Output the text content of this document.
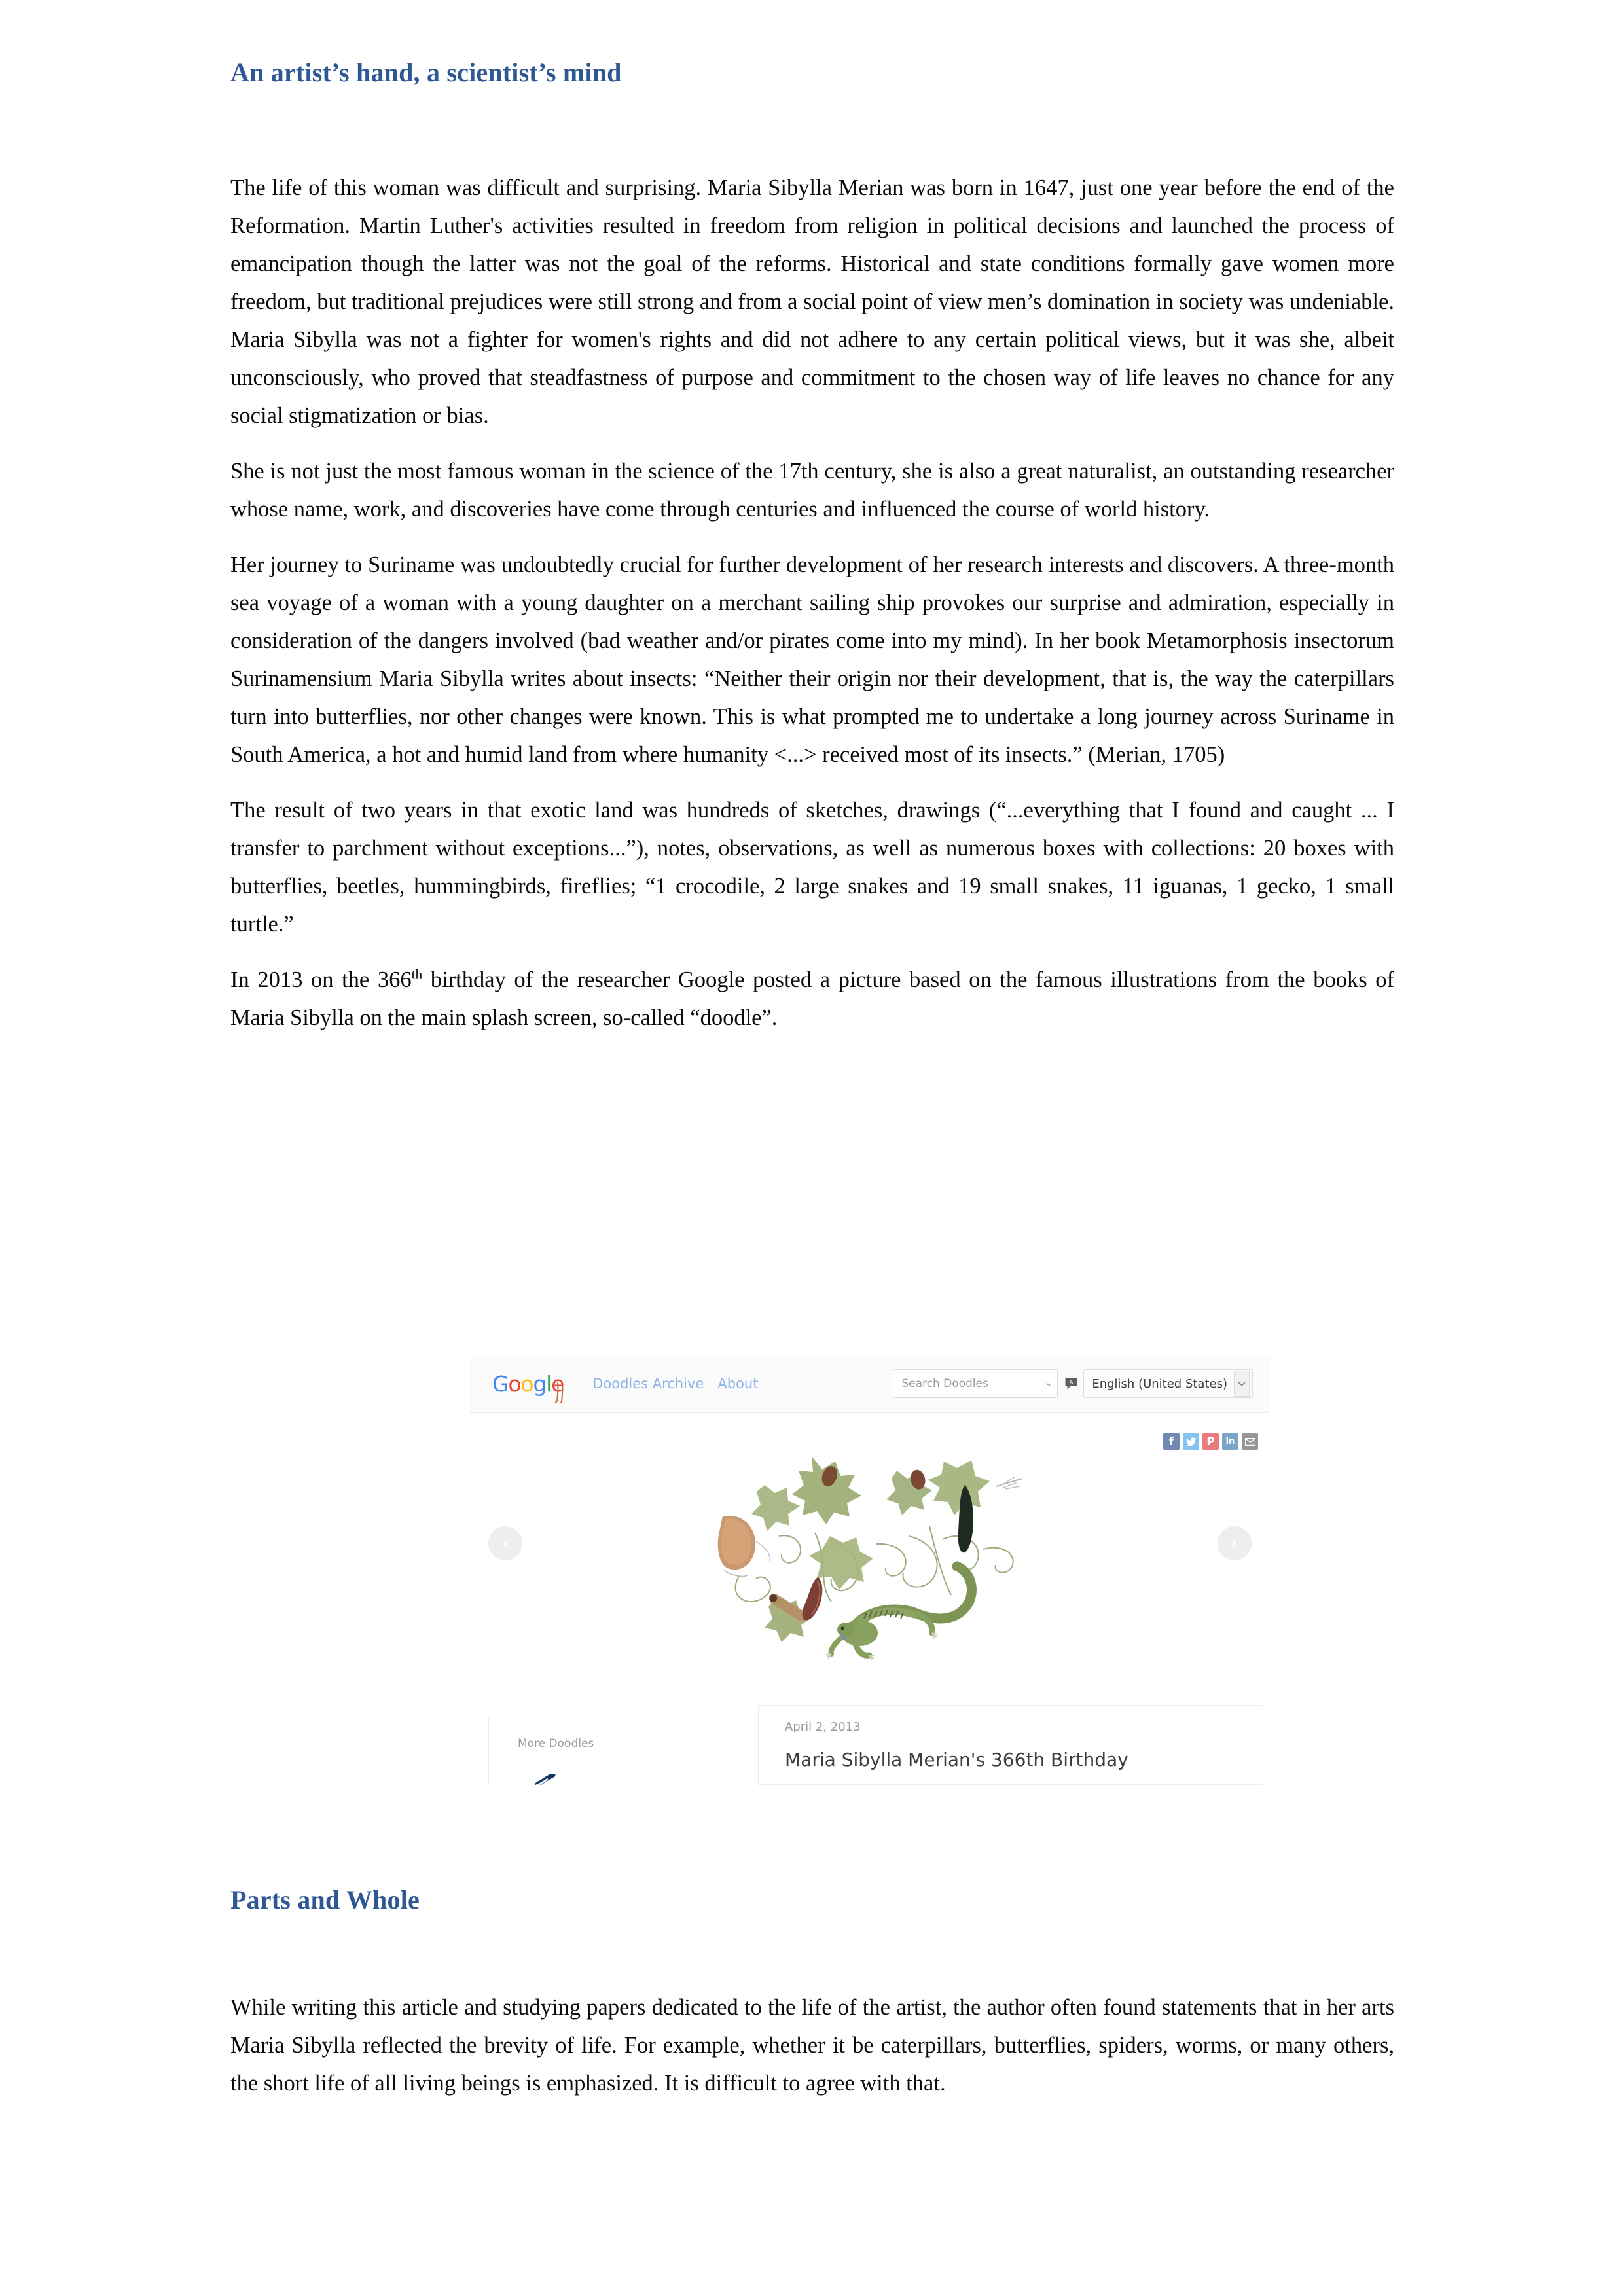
An artist’s hand, a scientist’s mind

The life of this woman was difficult and surprising. Maria Sibylla Merian was born in 1647, just one year before the end of the Reformation. Martin Luther's activities resulted in freedom from religion in political decisions and launched the process of emancipation though the latter was not the goal of the reforms. Historical and state conditions formally gave women more freedom, but traditional prejudices were still strong and from a social point of view men’s domination in society was undeniable. Maria Sibylla was not a fighter for women's rights and did not adhere to any certain political views, but it was she, albeit unconsciously, who proved that steadfastness of purpose and commitment to the chosen way of life leaves no chance for any social stigmatization or bias.

She is not just the most famous woman in the science of the 17th century, she is also a great naturalist, an outstanding researcher whose name, work, and discoveries have come through centuries and influenced the course of world history.

Her journey to Suriname was undoubtedly crucial for further development of her research interests and discovers. A three-month sea voyage of a woman with a young daughter on a merchant sailing ship provokes our surprise and admiration, especially in consideration of the dangers involved (bad weather and/or pirates come into my mind). In her book Metamorphosis insectorum Surinamensium Maria Sibylla writes about insects: “Neither their origin nor their development, that is, the way the caterpillars turn into butterflies, nor other changes were known. This is what prompted me to undertake a long journey across Suriname in South America, a hot and humid land from where humanity <...> received most of its insects.” (Merian, 1705)

The result of two years in that exotic land was hundreds of sketches, drawings (“...everything that I found and caught ... I transfer to parchment without exceptions...”), notes, observations, as well as numerous boxes with collections: 20 boxes with butterflies, beetles, hummingbirds, fireflies; “1 crocodile, 2 large snakes and 19 small snakes, 11 iguanas, 1 gecko, 1 small turtle.”

In 2013 on the 366th birthday of the researcher Google posted a picture based on the famous illustrations from the books of Maria Sibylla on the main splash screen, so-called “doodle”.

Google Doodles Archive About
Search Doodles	A English (United States)
f	P	in
More Doodles
April 2, 2013
Maria Sibylla Merian's 366th Birthday
Parts and Whole

While writing this article and studying papers dedicated to the life of the artist, the author often found statements that in her arts Maria Sibylla reflected the brevity of life. For example, whether it be caterpillars, butterflies, spiders, worms, or many others, the short life of all living beings is emphasized. It is difficult to agree with that.
